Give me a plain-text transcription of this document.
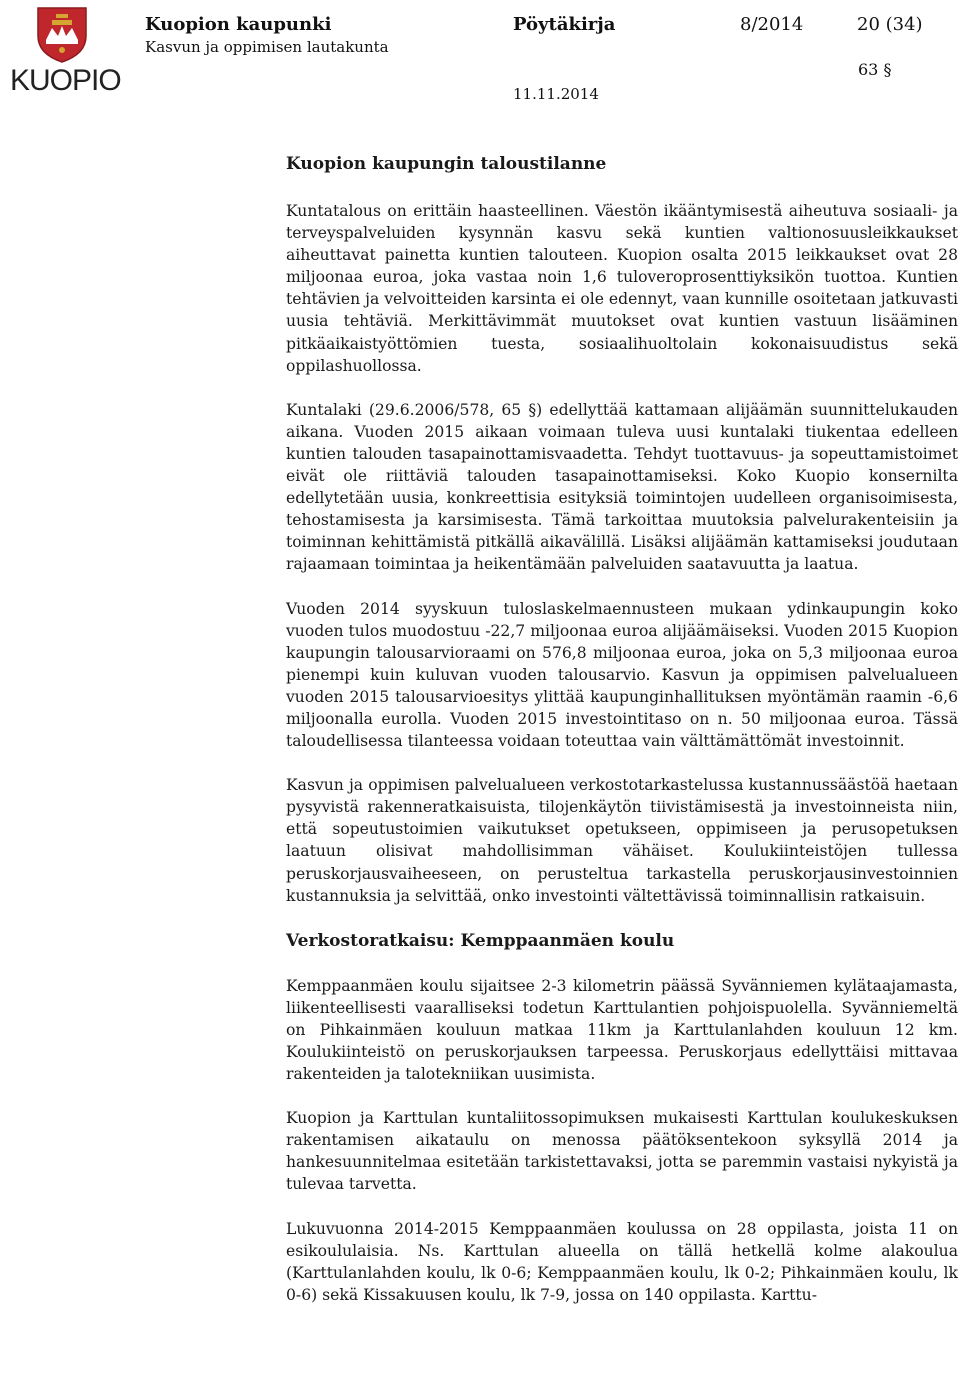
KUOPIO
Kuopion kaupunki
Kasvun ja oppimisen lautakunta
Pöytäkirja	8/2014	20 (34)
63 §
11.11.2014
Kuopion kaupungin taloustilanne

Kuntatalous on erittäin haasteellinen. Väestön ikääntymisestä aiheutuva sosiaali- ja terveyspalveluiden kysynnän kasvu sekä kuntien valtionosuusleikkaukset aiheuttavat painetta kuntien talouteen. Kuopion osalta 2015 leikkaukset ovat 28 miljoonaa euroa, joka vastaa noin 1,6 tuloveroprosenttiyksikön tuottoa. Kuntien tehtävien ja velvoitteiden karsinta ei ole edennyt, vaan kunnille osoitetaan jatkuvasti uusia tehtäviä. Merkittävimmät muutokset ovat kuntien vastuun lisääminen pitkäaikaistyöttömien tuesta, sosiaalihuoltolain kokonaisuudistus sekä oppilashuollossa.

Kuntalaki (29.6.2006/578, 65 §) edellyttää kattamaan alijäämän suunnittelukauden aikana. Vuoden 2015 aikaan voimaan tuleva uusi kuntalaki tiukentaa edelleen kuntien talouden tasapainottamisvaadetta. Tehdyt tuottavuus- ja sopeuttamistoimet eivät ole riittäviä talouden tasapainottamiseksi. Koko Kuopio konsernilta edellytetään uusia, konkreettisia esityksiä toimintojen uudelleen organisoimisesta, tehostamisesta ja karsimisesta. Tämä tarkoittaa muutoksia palvelurakenteisiin ja toiminnan kehittämistä pitkällä aikavälillä. Lisäksi alijäämän kattamiseksi joudutaan rajaamaan toimintaa ja heikentämään palveluiden saatavuutta ja laatua.

Vuoden 2014 syyskuun tuloslaskelmaennusteen mukaan ydinkaupungin koko vuoden tulos muodostuu -22,7 miljoonaa euroa alijäämäiseksi. Vuoden 2015 Kuopion kaupungin talousarvioraami on 576,8 miljoonaa euroa, joka on 5,3 miljoonaa euroa pienempi kuin kuluvan vuoden talousarvio. Kasvun ja oppimisen palvelualueen vuoden 2015 talousarvioesitys ylittää kaupunginhallituksen myöntämän raamin -6,6 miljoonalla eurolla. Vuoden 2015 investointitaso on n. 50 miljoonaa euroa. Tässä taloudellisessa tilanteessa voidaan toteuttaa vain välttämättömät investoinnit.

Kasvun ja oppimisen palvelualueen verkostotarkastelussa kustannussäästöä haetaan pysyvistä rakenneratkaisuista, tilojenkäytön tiivistämisestä ja investoinneista niin, että sopeutustoimien vaikutukset opetukseen, oppimiseen ja perusopetuksen laatuun olisivat mahdollisimman vähäiset. Koulukiinteistöjen tullessa peruskorjausvaiheeseen, on perusteltua tarkastella peruskorjausinvestoinnien kustannuksia ja selvittää, onko investointi vältettävissä toiminnallisin ratkaisuin.

Verkostoratkaisu: Kemppaanmäen koulu

Kemppaanmäen koulu sijaitsee 2-3 kilometrin päässä Syvänniemen kylätaajamasta, liikenteellisesti vaaralliseksi todetun Karttulantien pohjoispuolella. Syvänniemeltä on Pihkainmäen kouluun matkaa 11km ja Karttulanlahden kouluun 12 km. Koulukiinteistö on peruskorjauksen tarpeessa. Peruskorjaus edellyttäisi mittavaa rakenteiden ja talotekniikan uusimista.

Kuopion ja Karttulan kuntaliitossopimuksen mukaisesti Karttulan koulukeskuksen rakentamisen aikataulu on menossa päätöksentekoon syksyllä 2014 ja hankesuunnitelmaa esitetään tarkistettavaksi, jotta se paremmin vastaisi nykyistä ja tulevaa tarvetta.

Lukuvuonna 2014-2015 Kemppaanmäen koulussa on 28 oppilasta, joista 11 on esikoululaisia. Ns. Karttulan alueella on tällä hetkellä kolme alakoulua (Karttulanlahden koulu, lk 0-6; Kemppaanmäen koulu, lk 0-2; Pihkainmäen koulu, lk 0-6) sekä Kissakuusen koulu, lk 7-9, jossa on 140 oppilasta. Karttu-
